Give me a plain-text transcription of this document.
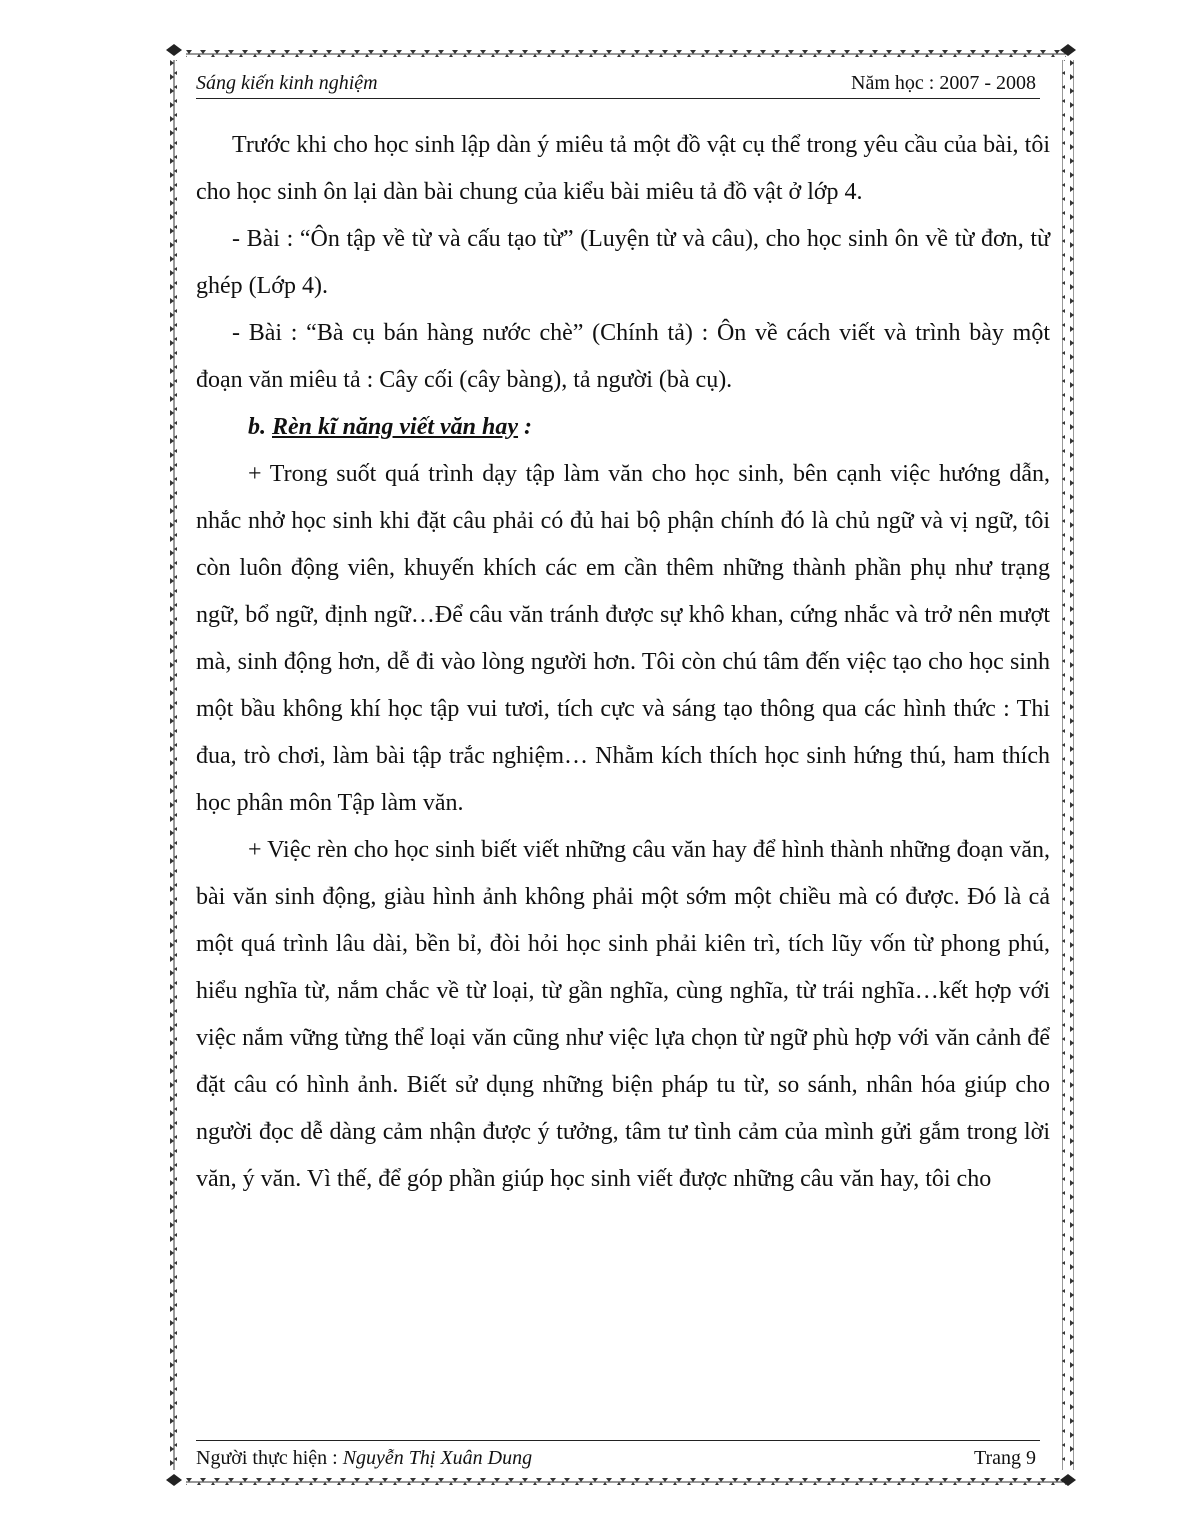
Sáng kiến kinh nghiệm	Năm học : 2007 - 2008

Trước khi cho học sinh lập dàn ý miêu tả một đồ vật cụ thể trong yêu cầu của bài, tôi cho học sinh ôn lại dàn bài chung của kiểu bài miêu tả đồ vật ở lớp 4.

- Bài : “Ôn tập về từ và cấu tạo từ” (Luyện từ và câu), cho học sinh ôn về từ đơn, từ ghép (Lớp 4).

- Bài : “Bà cụ bán hàng nước chè” (Chính tả) : Ôn về cách viết và trình bày một đoạn văn miêu tả : Cây cối (cây bàng), tả người (bà cụ).

b. Rèn kĩ năng viết văn hay :

+ Trong suốt quá trình dạy tập làm văn cho học sinh, bên cạnh việc hướng dẫn, nhắc nhở học sinh khi đặt câu phải có đủ hai bộ phận chính đó là chủ ngữ và vị ngữ, tôi còn luôn động viên, khuyến khích các em cần thêm những thành phần phụ như trạng ngữ, bổ ngữ, định ngữ…Để câu văn tránh được sự khô khan, cứng nhắc và trở nên mượt mà, sinh động hơn, dễ đi vào lòng người hơn. Tôi còn chú tâm đến việc tạo cho học sinh một bầu không khí học tập vui tươi, tích cực và sáng tạo thông qua các hình thức : Thi đua, trò chơi, làm bài tập trắc nghiệm… Nhằm kích thích học sinh hứng thú, ham thích học phân môn Tập làm văn.

+ Việc rèn cho học sinh biết viết những câu văn hay để hình thành những đoạn văn, bài văn sinh động, giàu hình ảnh không phải một sớm một chiều mà có được. Đó là cả một quá trình lâu dài, bền bỉ, đòi hỏi học sinh phải kiên trì, tích lũy vốn từ phong phú, hiểu nghĩa từ, nắm chắc về từ loại, từ gần nghĩa, cùng nghĩa, từ trái nghĩa…kết hợp với việc nắm vững từng thể loại văn cũng như việc lựa chọn từ ngữ phù hợp với văn cảnh để đặt câu có hình ảnh. Biết sử dụng những biện pháp tu từ, so sánh, nhân hóa giúp cho người đọc dễ dàng cảm nhận được ý tưởng, tâm tư tình cảm của mình gửi gắm trong lời văn, ý văn. Vì thế, để góp phần giúp học sinh viết được những câu văn hay, tôi cho

Người thực hiện : Nguyễn Thị Xuân Dung	Trang 9
